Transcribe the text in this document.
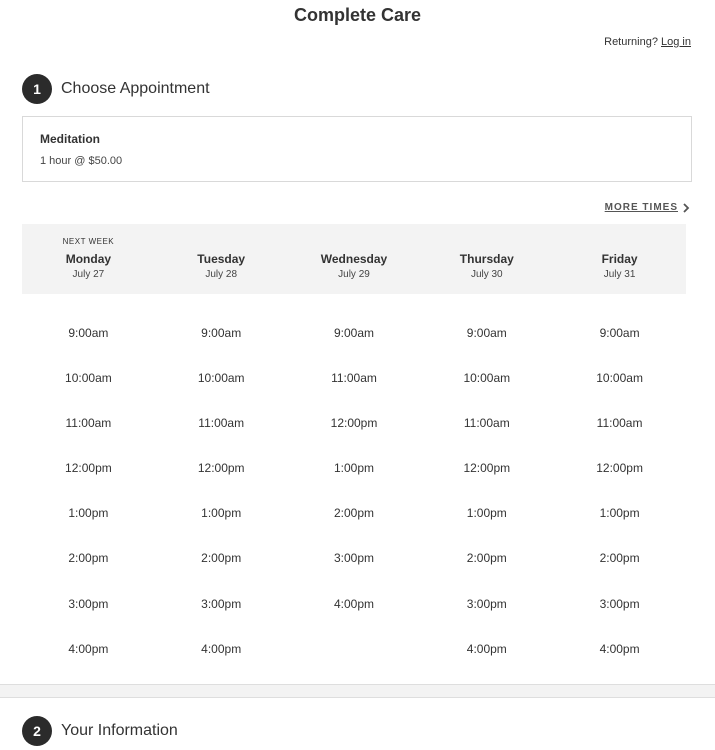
Complete Care
Returning? Log in
1	Choose Appointment
Meditation
1 hour @ $50.00
MORE TIMES
NEXT WEEK
Monday
July 27
Tuesday
July 28
Wednesday
July 29
Thursday
July 30
Friday
July 31
9:00am
10:00am
11:00am
12:00pm
1:00pm
2:00pm
3:00pm
4:00pm
9:00am
10:00am
11:00am
12:00pm
1:00pm
2:00pm
3:00pm
4:00pm
9:00am
11:00am
12:00pm
1:00pm
2:00pm
3:00pm
4:00pm
9:00am
10:00am
11:00am
12:00pm
1:00pm
2:00pm
3:00pm
4:00pm
9:00am
10:00am
11:00am
12:00pm
1:00pm
2:00pm
3:00pm
4:00pm
2	Your Information
